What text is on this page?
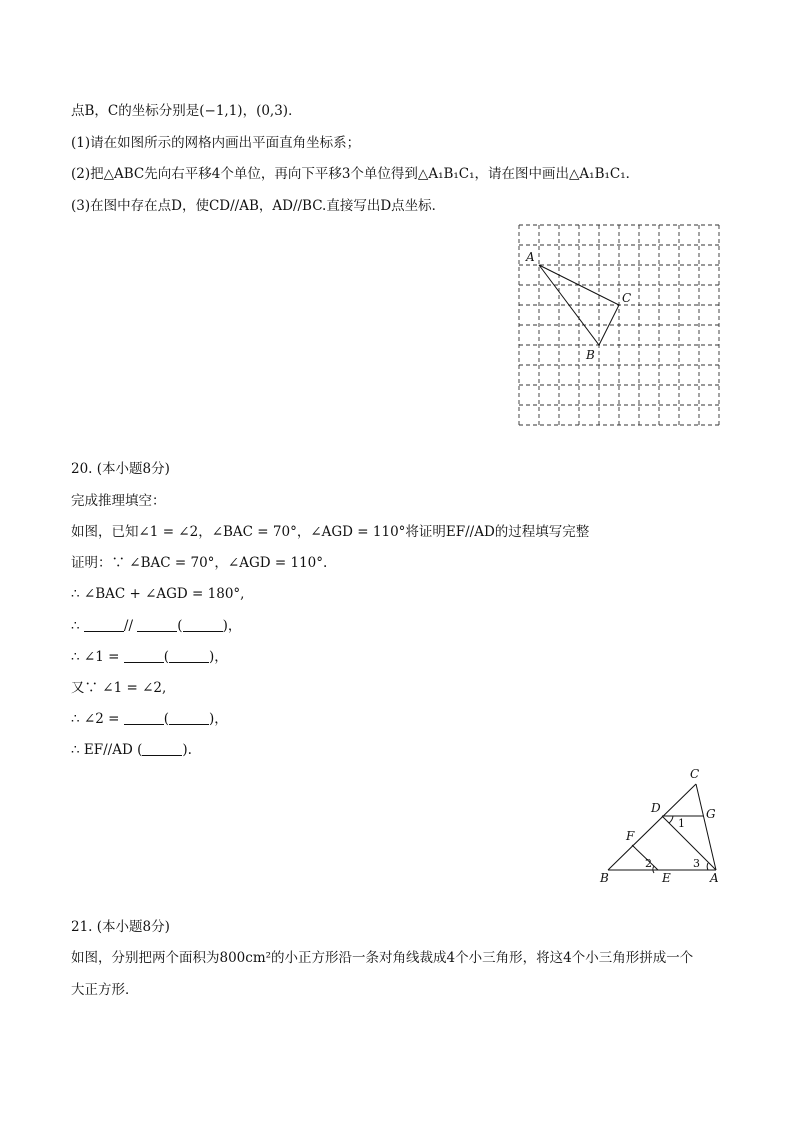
点B，C的坐标分别是(−1,1)，(0,3)．
(1)请在如图所示的网格内画出平面直角坐标系；
(2)把△ABC先向右平移4个单位，再向下平移3个单位得到△A₁B₁C₁，请在图中画出△A₁B₁C₁．
(3)在图中存在点D，使CD//AB，AD//BC.直接写出D点坐标．
A
B
C
20. (本小题8分)
完成推理填空：
如图，已知∠1 = ∠2，∠BAC = 70°，∠AGD = 110°将证明EF//AD的过程填写完整
证明：∵ ∠BAC = 70°，∠AGD = 110°.
∴ ∠BAC + ∠AGD = 180°,
∴	//	(	)，
∴ ∠1 =	(	)，
又∵ ∠1 = ∠2,
∴ ∠2 =	(	)，
∴ EF//AD (	).
C
D	G
F
B	E	A
1
2	3
21. (本小题8分)
如图，分别把两个面积为800cm²的小正方形沿一条对角线裁成4个小三角形，将这4个小三角形拼成一个
大正方形．
